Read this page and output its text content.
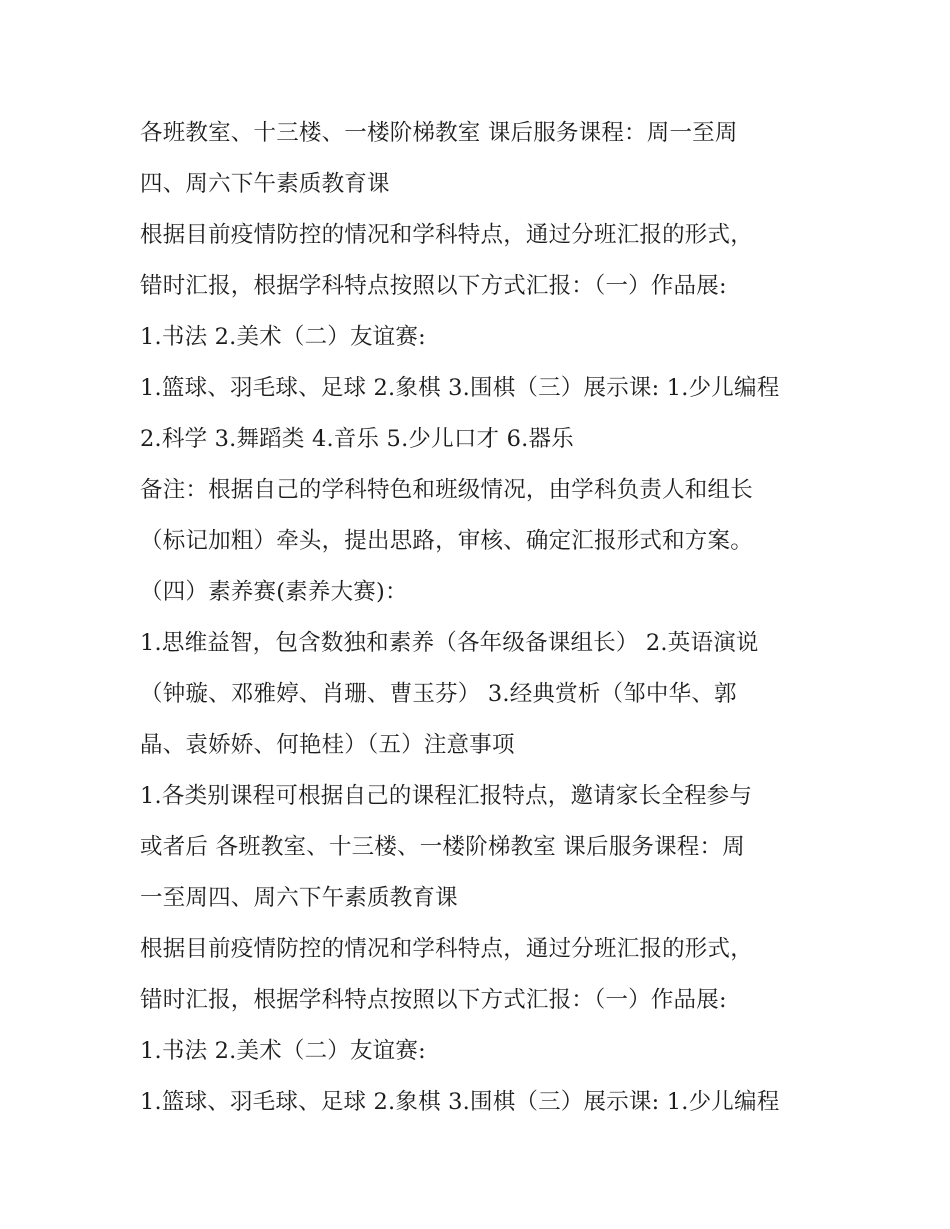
各班教室、十三楼、一楼阶梯教室 课后服务课程：周一至周
四、周六下午素质教育课
根据目前疫情防控的情况和学科特点，通过分班汇报的形式，
错时汇报，根据学科特点按照以下方式汇报：（一）作品展:
1.书法 2.美术（二）友谊赛:
1.篮球、羽毛球、足球 2.象棋 3.围棋（三）展示课: 1.少儿编程
2.科学 3.舞蹈类 4.音乐 5.少儿口才 6.器乐
备注：根据自己的学科特色和班级情况，由学科负责人和组长
（标记加粗）牵头，提出思路，审核、确定汇报形式和方案。
（四）素养赛(素养大赛)：
1.思维益智，包含数独和素养（各年级备课组长） 2.英语演说
（钟璇、邓雅婷、肖珊、曹玉芬） 3.经典赏析（邹中华、郭
晶、袁娇娇、何艳桂）（五）注意事项
1.各类别课程可根据自己的课程汇报特点，邀请家长全程参与
或者后 各班教室、十三楼、一楼阶梯教室 课后服务课程：周
一至周四、周六下午素质教育课
根据目前疫情防控的情况和学科特点，通过分班汇报的形式，
错时汇报，根据学科特点按照以下方式汇报：（一）作品展:
1.书法 2.美术（二）友谊赛:
1.篮球、羽毛球、足球 2.象棋 3.围棋（三）展示课: 1.少儿编程
